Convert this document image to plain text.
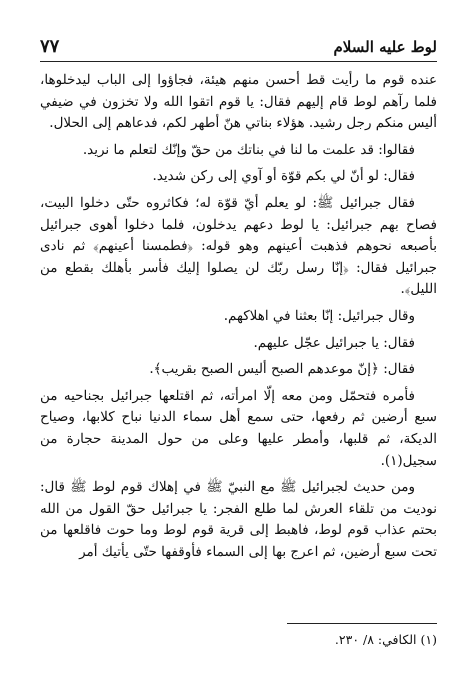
لوط عليه السلام
٧٧

عنده قوم ما رأيت قط أحسن منهم هيئة، فجاؤوا إلى الباب ليدخلوها، فلما رآهم لوط قام إليهم فقال: يا قوم اتقوا الله ولا تخزون في ضيفي أليس منكم رجل رشيد. هؤلاء بناتي هنّ أطهر لكم، فدعاهم إلى الحلال.

فقالوا: قد علمت ما لنا في بناتك من حقّ وإنّك لتعلم ما نريد.

فقال: لو أنّ لي بكم قوّة أو آوي إلى ركن شديد.

فقال جبرائيل ﷺ: لو يعلم أيّ قوّة له؛ فكاثروه حتّى دخلوا البيت، فصاح بهم جبرائيل: يا لوط دعهم يدخلون، فلما دخلوا أهوى جبرائيل بأصبعه نحوهم فذهبت أعينهم وهو قوله: ﴿فطمسنا أعينهم﴾ ثم نادى جبرائيل فقال: ﴿إنّا رسل ربّك لن يصلوا إليك فأسر بأهلك بقطع من الليل﴾.

وقال جبرائيل: إنّا بعثنا في اهلاكهم.

فقال: يا جبرائيل عجّل عليهم.

فقال: ﴿إنّ موعدهم الصبح أليس الصبح بقريب﴾.

فأمره فتحمّل ومن معه إلّا امرأته، ثم اقتلعها جبرائيل بجناحيه من سبع أرضين ثم رفعها، حتى سمع أهل سماء الدنيا نباح كلابها، وصياح الديكة، ثم قلبها، وأمطر عليها وعلى من حول المدينة حجارة من سجيل(١).

ومن حديث لجبرائيل ﷺ مع النبيّ ﷺ في إهلاك قوم لوط ﷺ قال: نوديت من تلقاء العرش لما طلع الفجر: يا جبرائيل حقّ القول من الله بحتم عذاب قوم لوط، فاهبط إلى قرية قوم لوط وما حوت فاقلعها من تحت سبع أرضين، ثم اعرج بها إلى السماء فأوقفها حتّى يأتيك أمر

(١) الكافي: ٨/ ٢٣٠.
